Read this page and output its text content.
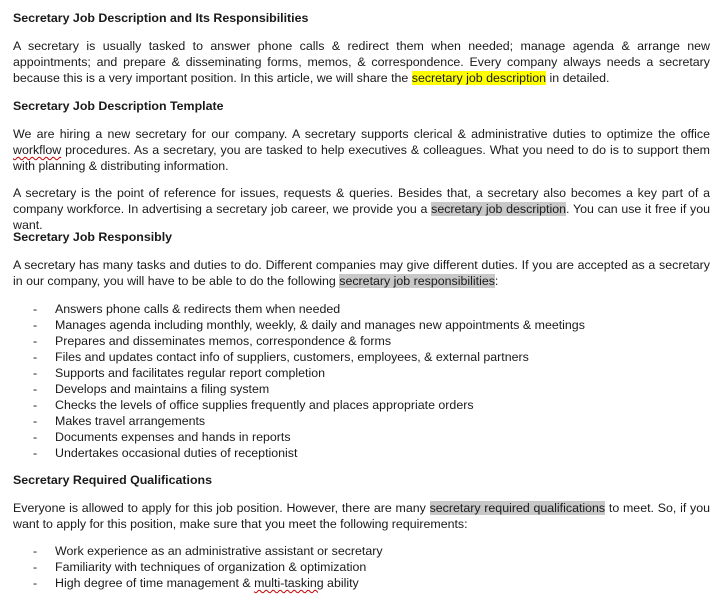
Secretary Job Description and Its Responsibilities

A secretary is usually tasked to answer phone calls & redirect them when needed; manage agenda & arrange new appointments; and prepare & disseminating forms, memos, & correspondence. Every company always needs a secretary because this is a very important position. In this article, we will share the secretary job description in detailed.

Secretary Job Description Template

We are hiring a new secretary for our company. A secretary supports clerical & administrative duties to optimize the office workflow procedures. As a secretary, you are tasked to help executives & colleagues. What you need to do is to support them with planning & distributing information.

A secretary is the point of reference for issues, requests & queries. Besides that, a secretary also becomes a key part of a company workforce. In advertising a secretary job career, we provide you a secretary job description. You can use it free if you want.

Secretary Job Responsibly

A secretary has many tasks and duties to do. Different companies may give different duties. If you are accepted as a secretary in our company, you will have to be able to do the following secretary job responsibilities:

- Answers phone calls & redirects them when needed
- Manages agenda including monthly, weekly, & daily and manages new appointments & meetings
- Prepares and disseminates memos, correspondence & forms
- Files and updates contact info of suppliers, customers, employees, & external partners
- Supports and facilitates regular report completion
- Develops and maintains a filing system
- Checks the levels of office supplies frequently and places appropriate orders
- Makes travel arrangements
- Documents expenses and hands in reports
- Undertakes occasional duties of receptionist
Secretary Required Qualifications

Everyone is allowed to apply for this job position. However, there are many secretary required qualifications to meet. So, if you want to apply for this position, make sure that you meet the following requirements:

- Work experience as an administrative assistant or secretary
- Familiarity with techniques of organization & optimization
- High degree of time management & multi-tasking ability
